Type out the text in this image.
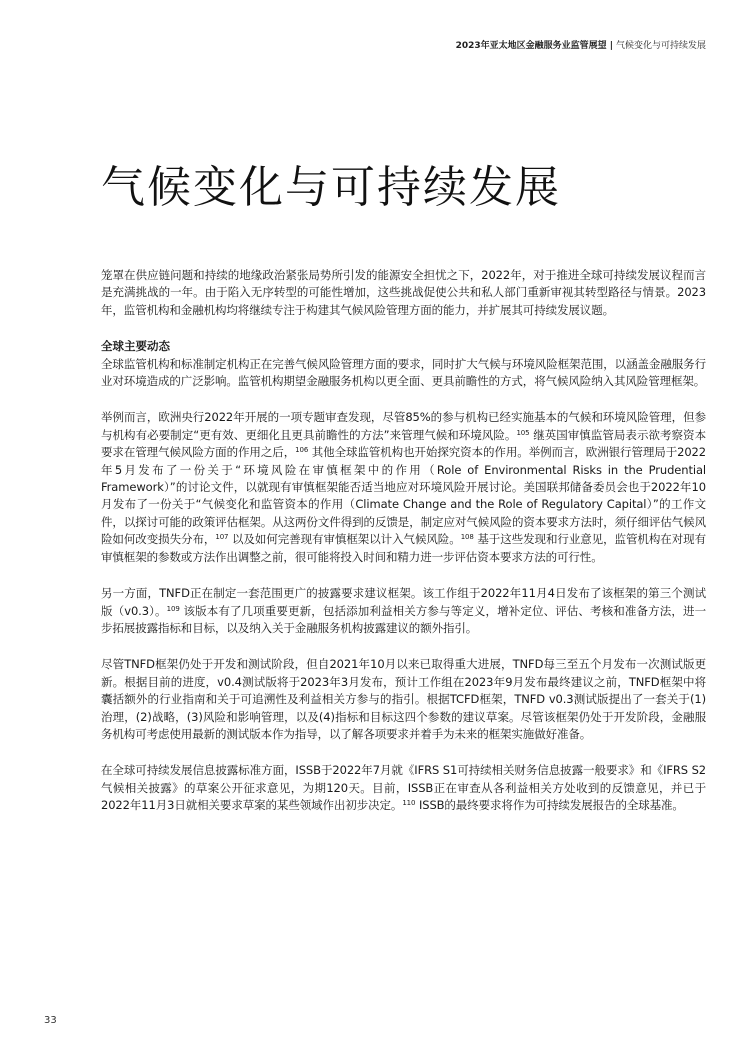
2023年亚太地区金融服务业监管展望 | 气候变化与可持续发展
气候变化与可持续发展

笼罩在供应链问题和持续的地缘政治紧张局势所引发的能源安全担忧之下，2022年，对于推进全球可持续发展议程而言是充满挑战的一年。由于陷入无序转型的可能性增加，这些挑战促使公共和私人部门重新审视其转型路径与情景。2023年，监管机构和金融机构均将继续专注于构建其气候风险管理方面的能力，并扩展其可持续发展议题。

全球主要动态

全球监管机构和标准制定机构正在完善气候风险管理方面的要求，同时扩大气候与环境风险框架范围，以涵盖金融服务行业对环境造成的广泛影响。监管机构期望金融服务机构以更全面、更具前瞻性的方式，将气候风险纳入其风险管理框架。

举例而言，欧洲央行2022年开展的一项专题审查发现，尽管85%的参与机构已经实施基本的气候和环境风险管理，但参与机构有必要制定“更有效、更细化且更具前瞻性的方法”来管理气候和环境风险。$^{105}$ 继英国审慎监管局表示欲考察资本要求在管理气候风险方面的作用之后，$^{106}$ 其他全球监管机构也开始探究资本的作用。举例而言，欧洲银行管理局于2022年5月发布了一份关于“环境风险在审慎框架中的作用（Role of Environmental Risks in the Prudential Framework）”的讨论文件，以就现有审慎框架能否适当地应对环境风险开展讨论。美国联邦储备委员会也于2022年10月发布了一份关于“气候变化和监管资本的作用（Climate Change and the Role of Regulatory Capital）”的工作文件，以探讨可能的政策评估框架。从这两份文件得到的反馈是，制定应对气候风险的资本要求方法时，须仔细评估气候风险如何改变损失分布，$^{107}$ 以及如何完善现有审慎框架以计入气候风险。$^{108}$ 基于这些发现和行业意见，监管机构在对现有审慎框架的参数或方法作出调整之前，很可能将投入时间和精力进一步评估资本要求方法的可行性。

另一方面，TNFD正在制定一套范围更广的披露要求建议框架。该工作组于2022年11月4日发布了该框架的第三个测试版（v0.3）。$^{109}$ 该版本有了几项重要更新，包括添加利益相关方参与等定义，增补定位、评估、考核和准备方法，进一步拓展披露指标和目标，以及纳入关于金融服务机构披露建议的额外指引。

尽管TNFD框架仍处于开发和测试阶段，但自2021年10月以来已取得重大进展，TNFD每三至五个月发布一次测试版更新。根据目前的进度，v0.4测试版将于2023年3月发布，预计工作组在2023年9月发布最终建议之前，TNFD框架中将囊括额外的行业指南和关于可追溯性及利益相关方参与的指引。根据TCFD框架，TNFD v0.3测试版提出了一套关于(1)治理，(2)战略，(3)风险和影响管理，以及(4)指标和目标这四个参数的建议草案。尽管该框架仍处于开发阶段，金融服务机构可考虑使用最新的测试版本作为指导，以了解各项要求并着手为未来的框架实施做好准备。

在全球可持续发展信息披露标准方面，ISSB于2022年7月就《IFRS S1可持续相关财务信息披露一般要求》和《IFRS S2气候相关披露》的草案公开征求意见，为期120天。目前，ISSB正在审查从各利益相关方处收到的反馈意见，并已于2022年11月3日就相关要求草案的某些领域作出初步决定。$^{110}$ ISSB的最终要求将作为可持续发展报告的全球基准。

33
